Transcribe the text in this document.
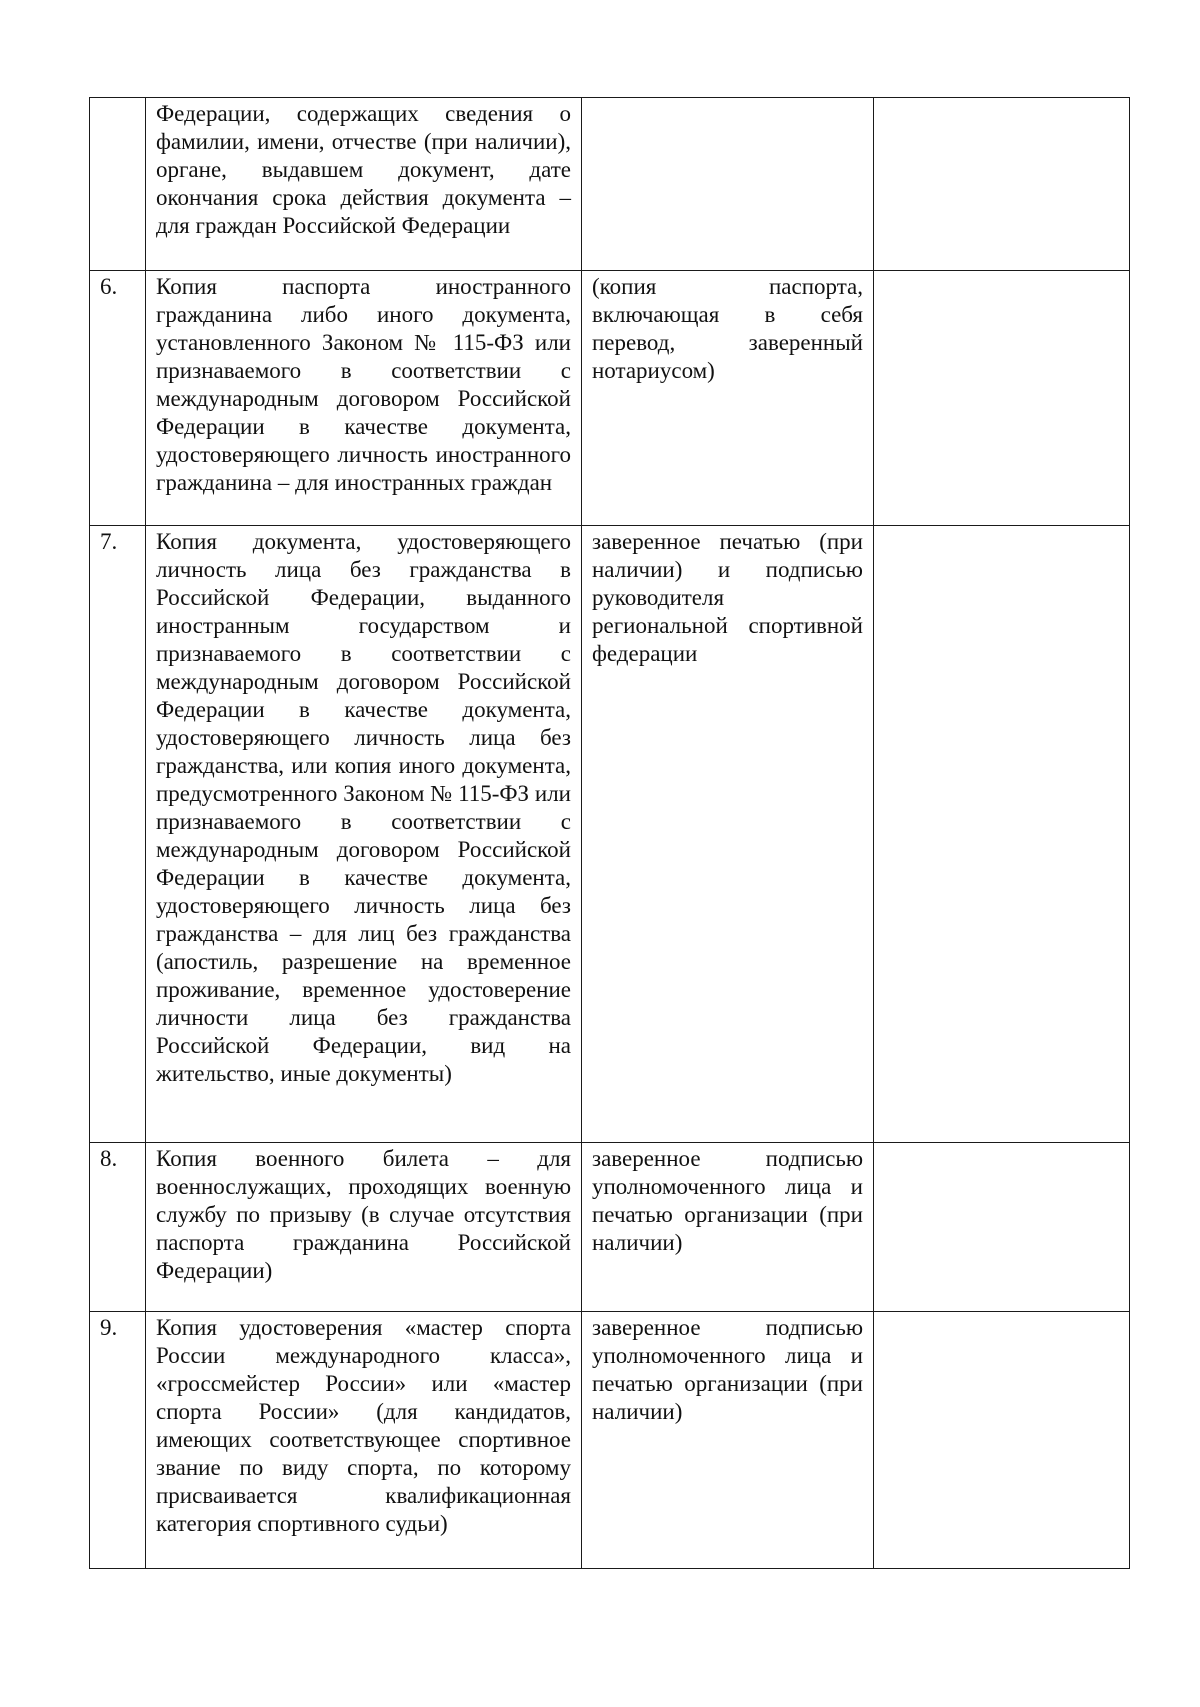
	Федерации, содержащих сведения о фамилии, имени, отчестве (при наличии), органе, выдавшем документ, дате окончания срока действия документа – для граждан Российской Федерации		
6.	Копия паспорта иностранного гражданина либо иного документа, установленного Законом № 115-ФЗ или признаваемого в соответствии с международным договором Российской Федерации в качестве документа, удостоверяющего личность иностранного гражданина – для иностранных граждан	(копия паспорта, включающая в себя перевод, заверенный нотариусом)	
7.	Копия документа, удостоверяющего личность лица без гражданства в Российской Федерации, выданного иностранным государством и признаваемого в соответствии с международным договором Российской Федерации в качестве документа, удостоверяющего личность лица без гражданства, или копия иного документа, предусмотренного Законом № 115-ФЗ или признаваемого в соответствии с международным договором Российской Федерации в качестве документа, удостоверяющего личность лица без гражданства – для лиц без гражданства (апостиль, разрешение на временное проживание, временное удостоверение личности лица без гражданства Российской Федерации, вид на жительство, иные документы)	заверенное печатью (при наличии) и подписью руководителя региональной спортивной федерации	
8.	Копия военного билета – для военнослужащих, проходящих военную службу по призыву (в случае отсутствия паспорта гражданина Российской Федерации)	заверенное подписью уполномоченного лица и печатью организации (при наличии)	
9.	Копия удостоверения «мастер спорта России международного класса», «гроссмейстер России» или «мастер спорта России» (для кандидатов, имеющих соответствующее спортивное звание по виду спорта, по которому присваивается квалификационная категория спортивного судьи)	заверенное подписью уполномоченного лица и печатью организации (при наличии)	
